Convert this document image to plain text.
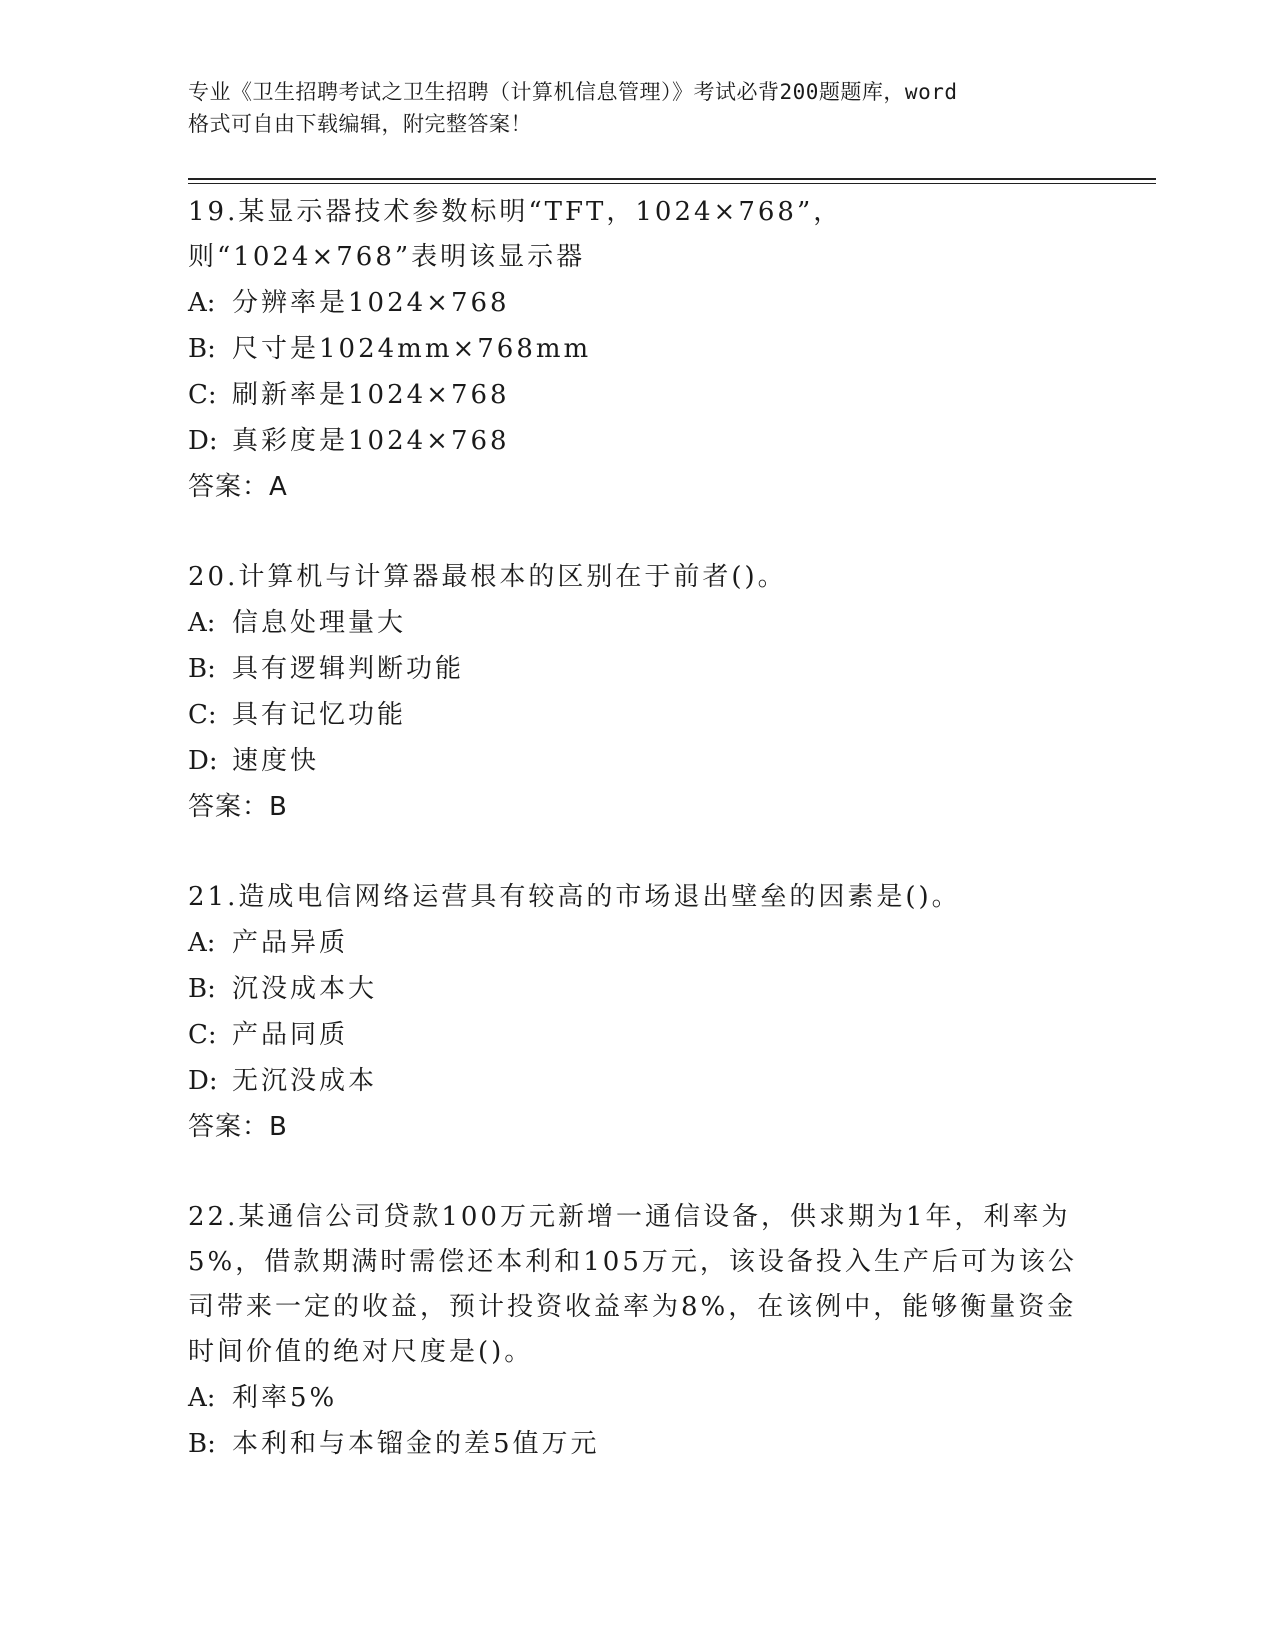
专业《卫生招聘考试之卫生招聘（计算机信息管理）》考试必背200题题库，word
格式可自由下载编辑，附完整答案！

19.某显示器技术参数标明“TFT，1024×768”，则“1024×768”表明该显示器

A: 分辨率是1024×768
B: 尺寸是1024mm×768mm
C: 刷新率是1024×768
D: 真彩度是1024×768
答案：A

20.计算机与计算器最根本的区别在于前者()。

A: 信息处理量大
B: 具有逻辑判断功能
C: 具有记忆功能
D: 速度快
答案：B

21.造成电信网络运营具有较高的市场退出壁垒的因素是()。

A: 产品异质
B: 沉没成本大
C: 产品同质
D: 无沉没成本
答案：B

22.某通信公司贷款100万元新增一通信设备，供求期为1年，利率为5%，借款期满时需偿还本利和105万元，该设备投入生产后可为该公司带来一定的收益，预计投资收益率为8%，在该例中，能够衡量资金时间价值的绝对尺度是()。

A: 利率5%
B: 本利和与本镏金的差5值万元
